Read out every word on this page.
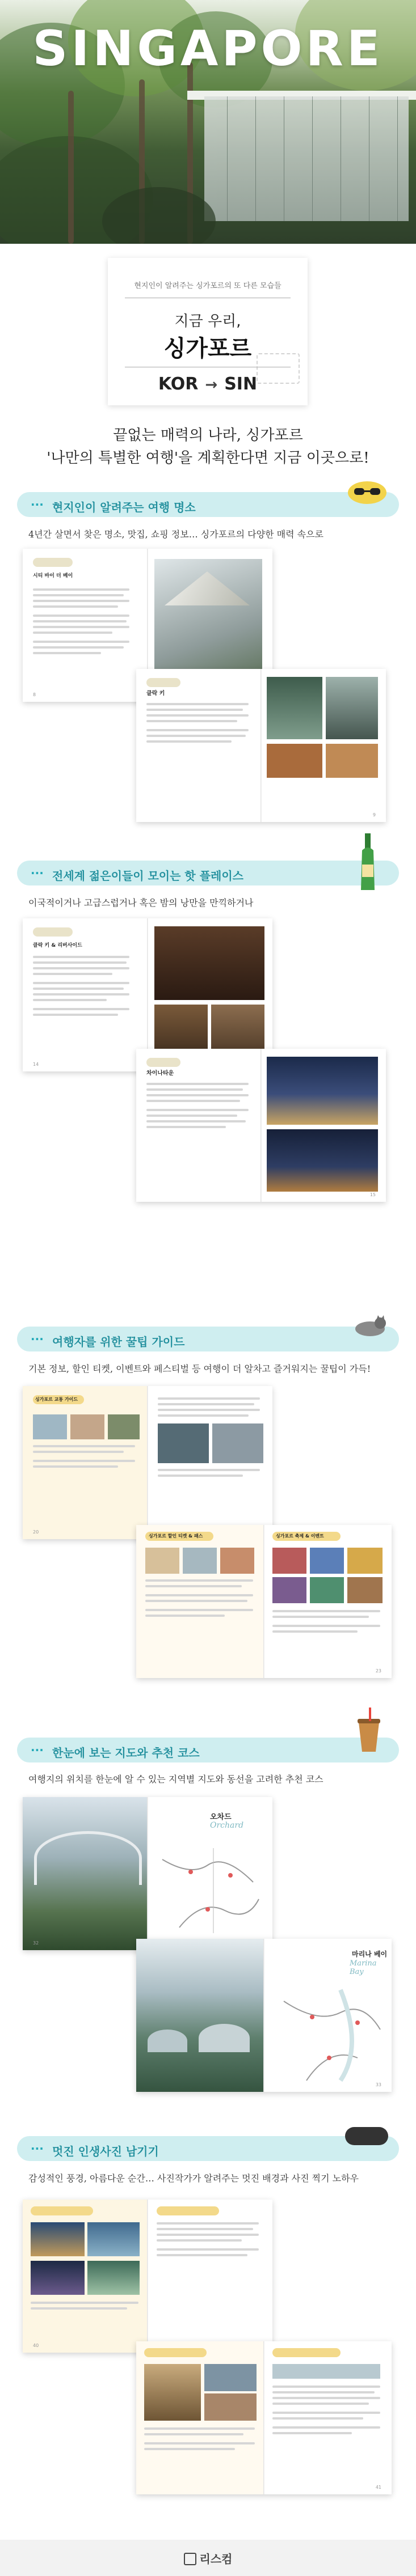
SINGAPORE
현지인이 알려주는 싱가포르의 또 다른 모습들
지금 우리,
싱가포르
KOR → SIN
끝없는 매력의 나라, 싱가포르
'나만의 특별한 여행'을 계획한다면 지금 이곳으로!
··· 현지인이 알려주는 여행 명소
4년간 살면서 찾은 명소, 맛집, 쇼핑 정보… 싱가포르의 다양한 매력 속으로
시티 바이 더 베이
8	클락 키
9
··· 전세계 젊은이들이 모이는 핫 플레이스
이국적이거나 고급스럽거나 혹은 밤의 낭만을 만끽하거나
클락 키 & 리버사이드
14
차이나타운
15
··· 여행자를 위한 꿀팁 가이드
기본 정보, 할인 티켓, 이벤트와 페스티벌 등 여행이 더 알차고 즐거워지는 꿀팁이 가득!
싱가포르 교통 가이드
20
싱가포르 할인 티켓 & 패스	싱가포르 축제 & 이벤트
23
··· 한눈에 보는 지도와 추천 코스
여행지의 위치를 한눈에 알 수 있는 지역별 지도와 동선을 고려한 추천 코스
오차드
Orchard
32
마리나 베이
Marina Bay
33
··· 멋진 인생사진 남기기
감성적인 풍경, 아름다운 순간… 사진작가가 알려주는 멋진 배경과 사진 찍기 노하우
40
41
리스컴
